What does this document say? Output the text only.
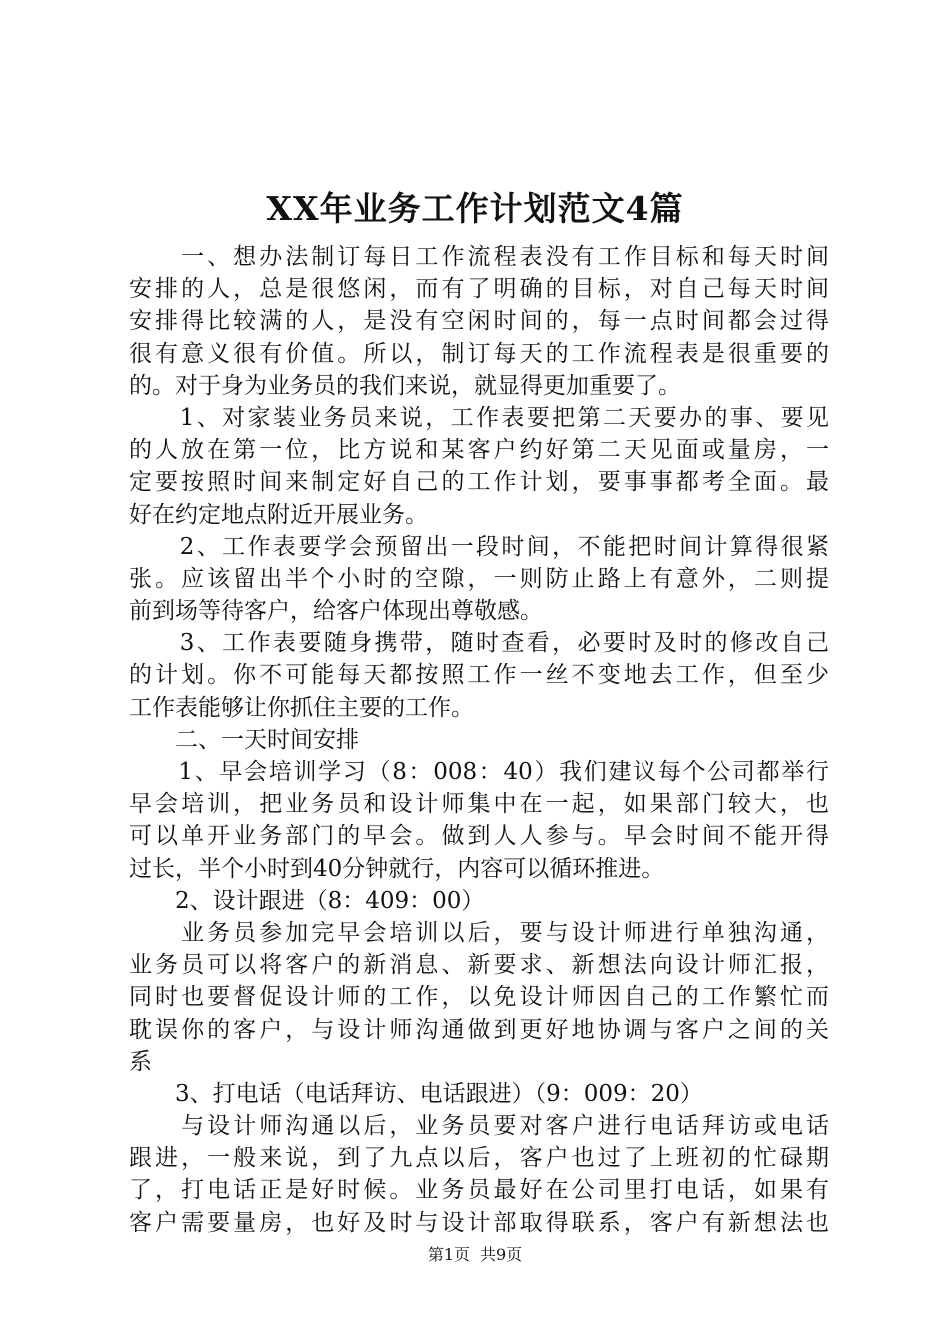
XX年业务工作计划范文4篇
　　一、想办法制订每日工作流程表没有工作目标和每天时间
安排的人，总是很悠闲，而有了明确的目标，对自己每天时间
安排得比较满的人，是没有空闲时间的，每一点时间都会过得
很有意义很有价值。所以，制订每天的工作流程表是很重要的
的。对于身为业务员的我们来说，就显得更加重要了。
　　1、对家装业务员来说，工作表要把第二天要办的事、要见
的人放在第一位，比方说和某客户约好第二天见面或量房，一
定要按照时间来制定好自己的工作计划，要事事都考全面。最
好在约定地点附近开展业务。
　　2、工作表要学会预留出一段时间，不能把时间计算得很紧
张。应该留出半个小时的空隙，一则防止路上有意外，二则提
前到场等待客户，给客户体现出尊敬感。
　　3、工作表要随身携带，随时查看，必要时及时的修改自己
的计划。你不可能每天都按照工作一丝不变地去工作，但至少
工作表能够让你抓住主要的工作。
　　二、一天时间安排
　　1、早会培训学习（8：008：40）我们建议每个公司都举行
早会培训，把业务员和设计师集中在一起，如果部门较大，也
可以单开业务部门的早会。做到人人参与。早会时间不能开得
过长，半个小时到40分钟就行，内容可以循环推进。
　　2、设计跟进（8：409：00）
　　业务员参加完早会培训以后，要与设计师进行单独沟通，
业务员可以将客户的新消息、新要求、新想法向设计师汇报，
同时也要督促设计师的工作，以免设计师因自己的工作繁忙而
耽误你的客户，与设计师沟通做到更好地协调与客户之间的关
系
　　3、打电话（电话拜访、电话跟进）（9：009：20）
　　与设计师沟通以后，业务员要对客户进行电话拜访或电话
跟进，一般来说，到了九点以后，客户也过了上班初的忙碌期
了，打电话正是好时候。业务员最好在公司里打电话，如果有
客户需要量房，也好及时与设计部取得联系，客户有新想法也
第1页 共9页
